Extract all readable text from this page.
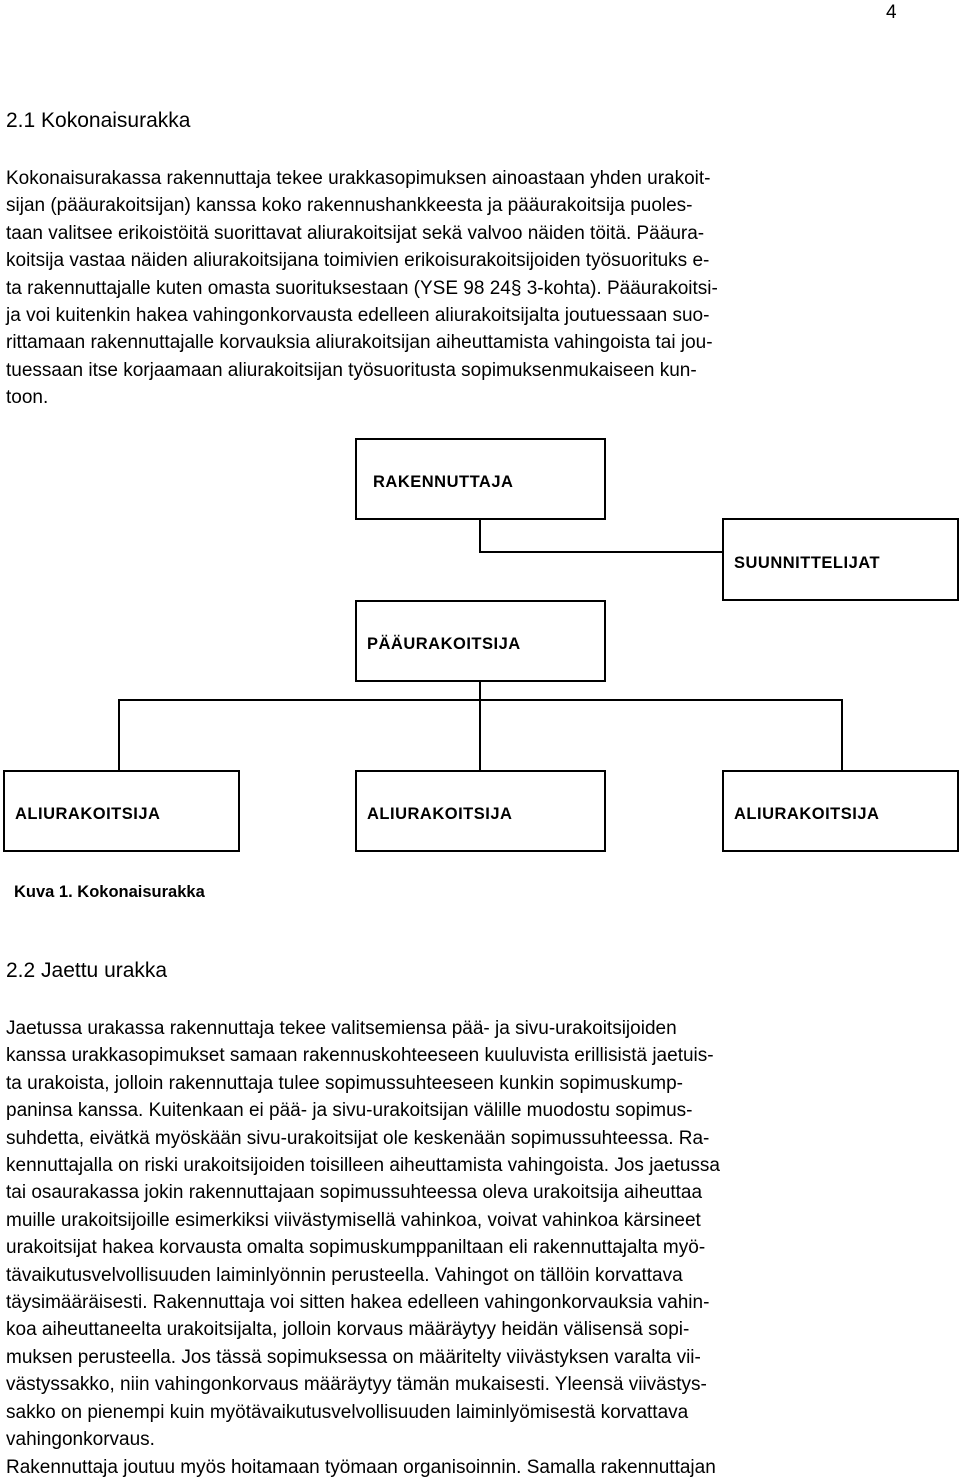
4
2.1 Kokonaisurakka
Kokonaisurakassa rakennuttaja tekee urakkasopimuksen ainoastaan yhden urakoit-
sijan (pääurakoitsijan) kanssa koko rakennushankkeesta ja pääurakoitsija puoles-
taan valitsee erikoistöitä suorittavat aliurakoitsijat sekä valvoo näiden töitä. Pääura-
koitsija vastaa näiden aliurakoitsijana toimivien erikoisurakoitsijoiden työsuorituks e-
ta rakennuttajalle kuten omasta suorituksestaan (YSE 98 24§ 3-kohta). Pääurakoitsi-
ja voi kuitenkin hakea vahingonkorvausta edelleen aliurakoitsijalta joutuessaan suo-
rittamaan rakennuttajalle korvauksia aliurakoitsijan aiheuttamista vahingoista tai jou-
tuessaan itse korjaamaan aliurakoitsijan työsuoritusta sopimuksenmukaiseen kun-
toon.
RAKENNUTTAJA
SUUNNITTELIJAT
PÄÄURAKOITSIJA
ALIURAKOITSIJA	ALIURAKOITSIJA	ALIURAKOITSIJA
Kuva 1. Kokonaisurakka
2.2 Jaettu urakka
Jaetussa urakassa rakennuttaja tekee valitsemiensa pää- ja sivu-urakoitsijoiden
kanssa urakkasopimukset samaan rakennuskohteeseen kuuluvista erillisistä jaetuis-
ta urakoista, jolloin rakennuttaja tulee sopimussuhteeseen kunkin sopimuskump-
paninsa kanssa. Kuitenkaan ei pää- ja sivu-urakoitsijan välille muodostu sopimus-
suhdetta, eivätkä myöskään sivu-urakoitsijat ole keskenään sopimussuhteessa. Ra-
kennuttajalla on riski urakoitsijoiden toisilleen aiheuttamista vahingoista. Jos jaetussa
tai osaurakassa jokin rakennuttajaan sopimussuhteessa oleva urakoitsija aiheuttaa
muille urakoitsijoille esimerkiksi viivästymisellä vahinkoa, voivat vahinkoa kärsineet
urakoitsijat hakea korvausta omalta sopimuskumppaniltaan eli rakennuttajalta myö-
tävaikutusvelvollisuuden laiminlyönnin perusteella. Vahingot on tällöin korvattava
täysimääräisesti. Rakennuttaja voi sitten hakea edelleen vahingonkorvauksia vahin-
koa aiheuttaneelta urakoitsijalta, jolloin korvaus määräytyy heidän välisensä sopi-
muksen perusteella. Jos tässä sopimuksessa on määritelty viivästyksen varalta vii-
västyssakko, niin vahingonkorvaus määräytyy tämän mukaisesti. Yleensä viivästys-
sakko on pienempi kuin myötävaikutusvelvollisuuden laiminlyömisestä korvattava
vahingonkorvaus.
Rakennuttaja joutuu myös hoitamaan työmaan organisoinnin. Samalla rakennuttajan
